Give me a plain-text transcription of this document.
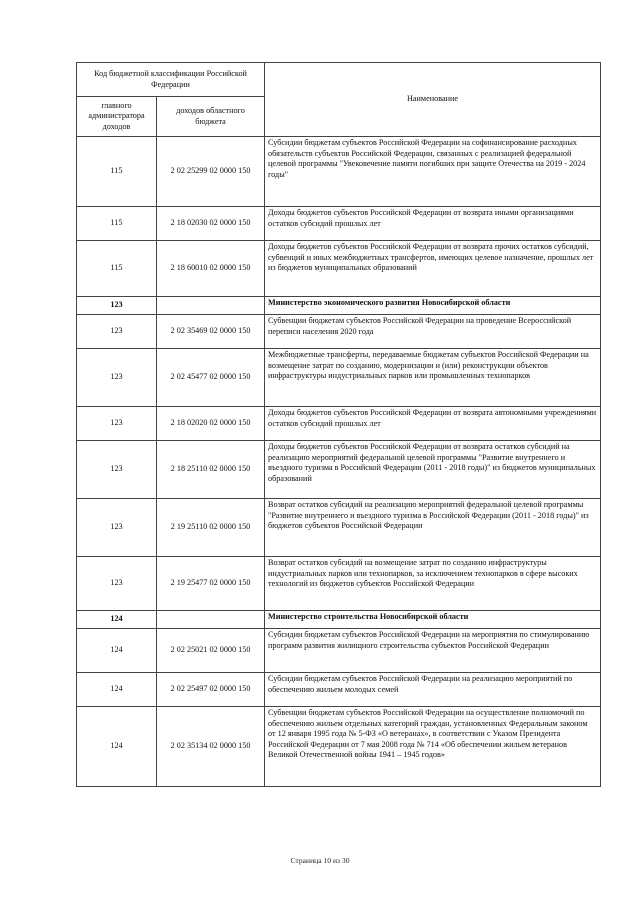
Код бюджетной классификации Российской Федерации		Наименование
главного администратора доходов	доходов областного бюджета	
115	2 02 25299 02 0000 150	Субсидии бюджетам субъектов Российской Федерации на софинансирование расходных обязательств субъектов Российской Федерации, связанных с реализацией федеральной целевой программы "Увековечение памяти погибших при защите Отечества на 2019 - 2024 годы"
115	2 18 02030 02 0000 150	Доходы бюджетов субъектов Российской Федерации от возврата иными организациями остатков субсидий прошлых лет
115	2 18 60010 02 0000 150	Доходы бюджетов субъектов Российской Федерации от возврата прочих остатков субсидий, субвенций и иных межбюджетных трансфертов, имеющих целевое назначение, прошлых лет из бюджетов муниципальных образований
123		Министерство экономического развития Новосибирской области
123	2 02 35469 02 0000 150	Субвенции бюджетам субъектов Российской Федерации на проведение Всероссийской переписи населения 2020 года
123	2 02 45477 02 0000 150	Межбюджетные трансферты, передаваемые бюджетам субъектов Российской Федерации на возмещение затрат по созданию, модернизации и (или) реконструкции объектов инфраструктуры индустриальных парков или промышленных технопарков
123	2 18 02020 02 0000 150	Доходы бюджетов субъектов Российской Федерации от возврата автономными учреждениями остатков субсидий прошлых лет
123	2 18 25110 02 0000 150	Доходы бюджетов субъектов Российской Федерации от возврата остатков субсидий на реализацию мероприятий федеральной целевой программы "Развитие внутреннего и въездного туризма в Российской Федерации (2011 - 2018 годы)" из бюджетов муниципальных образований
123	2 19 25110 02 0000 150	Возврат остатков субсидий на реализацию мероприятий федеральной целевой программы "Развитие внутреннего и въездного туризма в Российской Федерации (2011 - 2018 годы)" из бюджетов субъектов Российской Федерации
123	2 19 25477 02 0000 150	Возврат остатков субсидий на возмещение затрат по созданию инфраструктуры индустриальных парков или технопарков, за исключением технопарков в сфере высоких технологий из бюджетов субъектов Российской Федерации
124		Министерство строительства Новосибирской области
124	2 02 25021 02 0000 150	Субсидии бюджетам субъектов Российской Федерации на мероприятия по стимулированию программ развития жилищного строительства субъектов Российской Федерации
124	2 02 25497 02 0000 150	Субсидии бюджетам субъектов Российской Федерации на реализацию мероприятий по обеспечению жильем молодых семей
124	2 02 35134 02 0000 150	Субвенции бюджетам субъектов Российской Федерации на осуществление полномочий по обеспечению жильем отдельных категорий граждан, установленных Федеральным законом от 12 января 1995 года № 5-ФЗ «О ветеранах», в соответствии с Указом Президента Российской Федерации от 7 мая 2008 года № 714 «Об обеспечении жильем ветеранов Великой Отечественной войны 1941 – 1945 годов»
Страница 10 из 30
